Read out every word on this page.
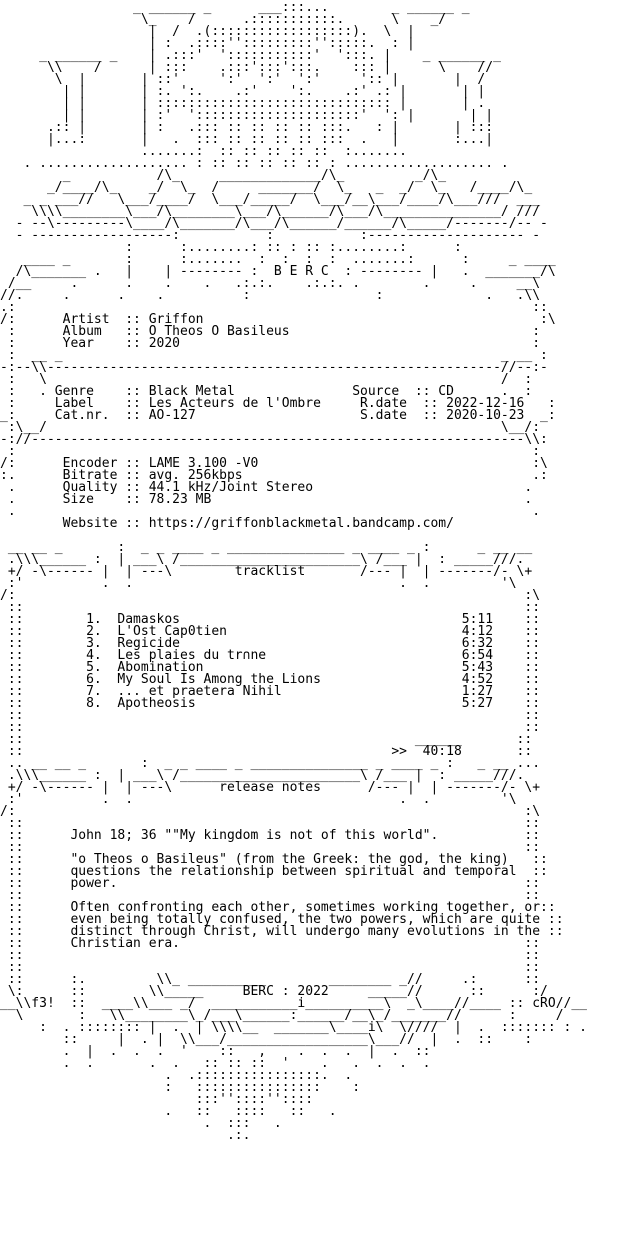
_ ______ _      ___:::...        _ ______ _
\_    /      .:::::::::::.      \    _/
|  /  .(::::::::::::::::::).  \  |
| :  .::::'':::::::::'':::::.  : |
_ ______ _    | .:::'  ':::::::::::'  ':::. |    _ ______ _
\\    /      | :::    .:::':::':::.    ::: |      \    //
\  |       | ::'     ':'  ':'  ':'     ':: |       |  /
| |       | :. ':.    .:'    ':.    .:' .: |       | |
| |       | :::::::::::::::::::::::::::::: |       | .
| |       | :'  ':::::::::::::::::::::'  ': |       | |
.:: |       | :   .::: :: :: :: :: :::.   : |       | :::
|...:       |   .  ::: :: :: :: :: :::  .   |       :...|
.......:  :: :: :: :: ::  :.......
. ................... : :: :: :: :: :: : ................... .
_           /\_     _____________/\_         _/\_
_/____/\_    _/  \_  /     _______/  \_   _  _/  \_   /____/\_
_ _ ___//   \___/____/  \___/_____/  \___/__\___/____/\___///  ___
\\\\________\___/\________\___/\______/\___/\_______________/ ///
- --\---------\____/\_______/\___/\______/______/\_____/-------/-- -
- ------------------:           :           :-------------------- -
:      :........: :: : :: :........:      :
____ _       :      :.......  :  :  :  :  .......:      :     _ ____
/\_______ .   |    | -------- :  B E R C  : -------- |   .  _______/\
/__     .      .    .    .   .:.:.    .:.:. .        .     .     __\
//.     .      .    .          :                :             .   .\\
.:                                                                  ::
/:      Artist  :: Griffon                                           :\
:      Album   :: O Theos O Basileus                               :
:      Year    :: 2020                                             :
:  __ _                                                        _ __ :
-:--\\----------------------------------------------------------//--:-
:   \                                                          /  :
:   . Genre    :: Black Metal               Source  :: CD      .  :
:     Label    :: Les Acteurs de l'Ombre     R.date  :: 2022-12-16   :
_:     Cat.nr.  :: AO-127                     S.date  :: 2020-10-23  _:
:\__/                                                          \__/:
-://---------------------------------------------------------------\\:
:                                                                  :
/:      Encoder :: LAME 3.100 -V0                                   :\
:.      Bitrate :: avg. 256kbps                                     .:
.      Quality :: 44.1 kHz/Joint Stereo                           .
.      Size    :: 78.23 MB                                        .
.                                                                  .
Website :: https://griffonblackmetal.bandcamp.com/
__ __ _       :  _ _ ____ _ _______________ _ ____ _ :      _ __ __
.\\\______ :  | ___\ /_______________________\ /___ |  : _____///.
+/ -\------ |  | ---\        tracklist       /--- |  | -------/- \+
:'          .  .                                  .  .         '\
/:                                                                 :\
::                                                                ::
::        1.  Damaskos                                    5:11    ::
::        2.  L'Ost Cap0tien                              4:12    ::
::        3.  Regicide                                    6:32    ::
::        4.  Les plaies du tr∩ne                         6:54    ::
::        5.  Abomination                                 5:43    ::
::        6.  My Soul Is Among the Lions                  4:52    ::
::        7.  ... et praetera Nihil                       1:27    ::
::        8.  Apotheosis                                  5:27    ::
::                                                                ::
::                                                                ::
::                                                  ______       ::
::                                               >>  40:18       ::
.. __ __ _       :  _ _ ____ _ _______________ _ ____ _ :   _ __ ...
.\\\______ :  | ___\ /_______________________\ /___ |  : _____///.
+/ -\------ |  | ---\      release notes      /--- |  | -------/- \+
:'          .  .                                  .  .         '\
/:                                                                 :\
::                                                                ::
::      John 18; 36 ""My kingdom is not of this world".           ::
::                                                                ::
::      "o Theos o Basileus" (from the Greek: the god, the king)   ::
::      questions the relationship between spiritual and temporal  ::
::      power.                                                    ::
::                                                                ::
::      Often confronting each other, sometimes working together, or::
::      even being totally confused, the two powers, which are quite ::
::      distinct through Christ, will undergo many evolutions in the ::
::      Christian era.                                            ::
::                                                                ::
::                                                                ::
::      :.         \\_ __________        ________ _//     .:      ::
\:      ::        \\_____     BERC : 2022     _____//      ::      :/
__\\f3!  ::  ____\\___ _/  ___________i__________\  _\____//____ :: cRO//__
\       :   \\________\_/___\______:______/__\_/_______//      :     /
:  . :::::::: |  .  | \\\\__  _______\____i\  \////  |  .  ::::::: : .
::     |  . |  \\___/__________________\___//  |  .  ::    :
.  |  .  .  .  '    ::   ,    .  .  .  |  .  ::
.  .       .  .   :: :: ::  '    .   .  .  .  .
.  .::::::::::::::::.  .
:   ::::::::::::::::    :
:::''::::''::::
.   ::   ::::   ::   .
.  :::   .
.:.
